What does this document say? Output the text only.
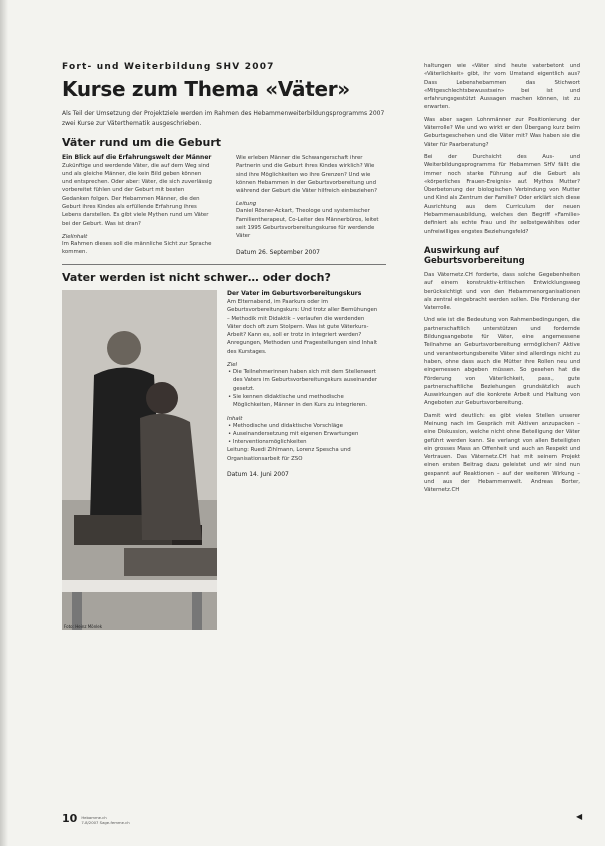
Fort- und Weiterbildung SHV 2007
Kurse zum Thema «Väter»
Als Teil der Umsetzung der Projektziele werden im Rahmen des Hebammenweiterbildungsprogramms 2007 zwei Kurse zur Väterthematik ausgeschrieben.
Väter rund um die Geburt
Ein Blick auf die Erfahrungswelt der Männer

Zukünftige und werdende Väter, die auf dem Weg sind und als gleiche Männer, die kein Bild geben können und entsprechen. Oder aber: Väter, die sich zuverlässig vorbereitet fühlen und der Geburt mit besten Gedanken folgen. Der Hebammen Männer, die den Geburt ihres Kindes als erfüllende Erfahrung ihres Lebens darstellen. Es gibt viele Mythen rund um Väter bei der Geburt. Was ist dran?

Zielinhalt

Im Rahmen dieses soll die männliche Sicht zur Sprache kommen.

Wie erleben Männer die Schwangerschaft ihrer Partnerin und die Geburt ihres Kindes wirklich? Wie sind ihre Möglichkeiten wo ihre Grenzen? Und wie können Hebammen in der Geburtsvorbereitung und während der Geburt die Väter hilfreich einbeziehen?

Leitung

Daniel Rösner-Ackart, Theologe und systemischer Familientherapeut, Co-Leiter des Männerbüros, leitet seit 1995 Geburtsvorbereitungskurse für werdende Väter

Datum 26. September 2007
Vater werden ist nicht schwer… oder doch?
Foto: Heinz Mönlek
Der Vater im Geburtsvorbereitungskurs

Am Elternabend, im Paarkurs oder im Geburtsvorbereitungskurs: Und trotz aller Bemühungen – Methodik mit Didaktik – verlaufen die werdenden Väter doch oft zum Stolpern. Was ist gute Väterkurs-Arbeit? Kann es, soll er trotz in integriert werden? Anregungen, Methoden und Fragestellungen sind Inhalt des Kurstages.

Ziel

• Die Teilnehmerinnen haben sich mit dem Stellenwert des Vaters im Geburtsvorbereitungskurs auseinander gesetzt.

• Sie kennen didaktische und methodische Möglichkeiten, Männer in den Kurs zu integrieren.

Inhalt

• Methodische und didaktische Vorschläge

• Auseinandersetzung mit eigenen Erwartungen

• Interventionsmöglichkeiten

Leitung: Ruedi Zihlmann, Lorenz Spescha und Organisationsarbeit für ZSO

Datum 14. Juni 2007

haltungen wie «Väter sind heute vaterbetont und «Väterlichkeit» gibt, ihr vom Umstand eigentlich aus? Dass Lebenshebammen das Stichwort «Mitgeschlechtsbewusstsein» bei ist und erfahrungsgestützt Aussagen machen können, ist zu erwarten.

Was aber sagen Lohnmänner zur Positionierung der Väterrolle? Wie und wo wirkt er den Übergang kurz beim Geburtsgeschehen und die Väter mit? Was haben sie die Väter für Paarberatung?

Bei der Durchsicht des Aus- und Weiterbildungsprogramms für Hebammen SHV fällt die immer noch starke Führung auf die Geburt als «körperliches Frauen-Ereignis» auf. Mythos Mutter? Überbetonung der biologischen Verbindung von Mutter und Kind als Zentrum der Familie? Oder erklärt sich diese Ausrichtung aus dem Curriculum der neuen Hebammenausbildung, welches den Begriff «Familie» definiert als echte Frau und ihr selbstgewähltes oder unfreiwilliges engstes Beziehungsfeld?

Auswirkung auf Geburtsvorbereitung

Das Väternetz.CH forderte, dass solche Gegebenheiten auf einem konstruktiv-kritischen Entwicklungsweg berücksichtigt und von den Hebammenorganisationen als zentral eingebracht werden sollen. Die Förderung der Vaterrolle.

Und wie ist die Bedeutung von Rahmenbedingungen, die partnerschaftlich unterstützen und fordernde Bildungsangebote für Väter, eine angemessene Teilnahme an Geburtsvorbereitung ermöglichen? Aktive und verantwortungsbereite Väter sind allerdings nicht zu haben, ohne dass auch die Mütter ihre Rollen neu und eingemessen abgeben müssen. So gesehen hat die Förderung von Väterlichkeit, pass., gute partnerschaftliche Beziehungen grundsätzlich auch Auswirkungen auf die konkrete Arbeit und Haltung von Angeboten zur Geburtsvorbereitung.

Damit wird deutlich: es gibt vieles Stellen unserer Meinung nach im Gespräch mit Aktiven anzupacken – eine Diskussion, welche nicht ohne Beteiligung der Väter geführt werden kann. Sie verlangt von allen Beteiligten ein grosses Mass an Offenheit und auch an Respekt und Vertrauen. Das Väternetz.CH hat mit seinem Projekt einen ersten Beitrag dazu geleistet und wir sind nun gespannt auf Reaktionen – auf der weiteren Wirkung – und aus der Hebammenwelt. Andreas Borter, Väternetz.CH

10 Hebamme.ch
7-8/2007 Sage-femme.ch
◀
